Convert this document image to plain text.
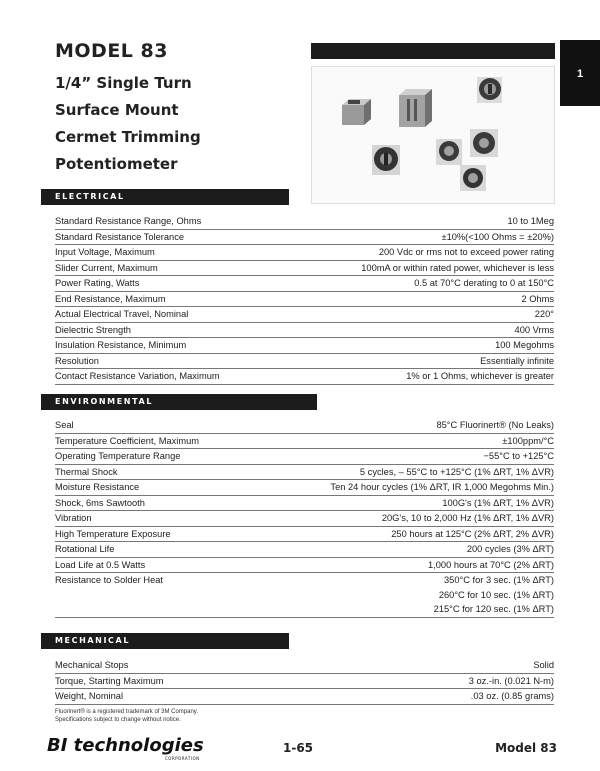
MODEL 83
1/4” Single Turn
Surface Mount
Cermet Trimming
Potentiometer
1
ELECTRICAL
Standard Resistance Range, Ohms	10 to 1Meg
Standard Resistance Tolerance	±10%(<100 Ohms = ±20%)
Input Voltage, Maximum	200 Vdc or rms not to exceed power rating
Slider Current, Maximum	100mA or within rated power, whichever is less
Power Rating, Watts	0.5 at 70°C derating to 0 at 150°C
End Resistance, Maximum	2 Ohms
Actual Electrical Travel, Nominal	220°
Dielectric Strength	400 Vrms
Insulation Resistance, Minimum	100 Megohms
Resolution	Essentially infinite
Contact Resistance Variation, Maximum	1% or 1 Ohms, whichever is greater
ENVIRONMENTAL
Seal	85°C Fluorinert® (No Leaks)
Temperature Coefficient, Maximum	±100ppm/°C
Operating Temperature Range	−55°C to +125°C
Thermal Shock	5 cycles, – 55°C to +125°C (1% ΔRT, 1% ΔVR)
Moisture Resistance	Ten 24 hour cycles (1% ΔRT, IR 1,000 Megohms Min.)
Shock, 6ms Sawtooth	100G's (1% ΔRT, 1% ΔVR)
Vibration	20G's, 10 to 2,000 Hz (1% ΔRT, 1% ΔVR)
High Temperature Exposure	250 hours at 125°C (2% ΔRT, 2% ΔVR)
Rotational Life	200 cycles (3% ΔRT)
Load Life at 0.5 Watts	1,000 hours at 70°C (2% ΔRT)
Resistance to Solder Heat	350°C for 3 sec. (1% ΔRT)
	260°C for 10 sec. (1% ΔRT)
	215°C for 120 sec. (1% ΔRT)
MECHANICAL
Mechanical Stops	Solid
Torque, Starting Maximum	3 oz.-in. (0.021 N-m)
Weight, Nominal	.03 oz. (0.85 grams)
Fluorinert® is a registered trademark of 3M Company.
Specifications subject to change without notice.
BI technologies
CORPORATION
1-65	Model 83
